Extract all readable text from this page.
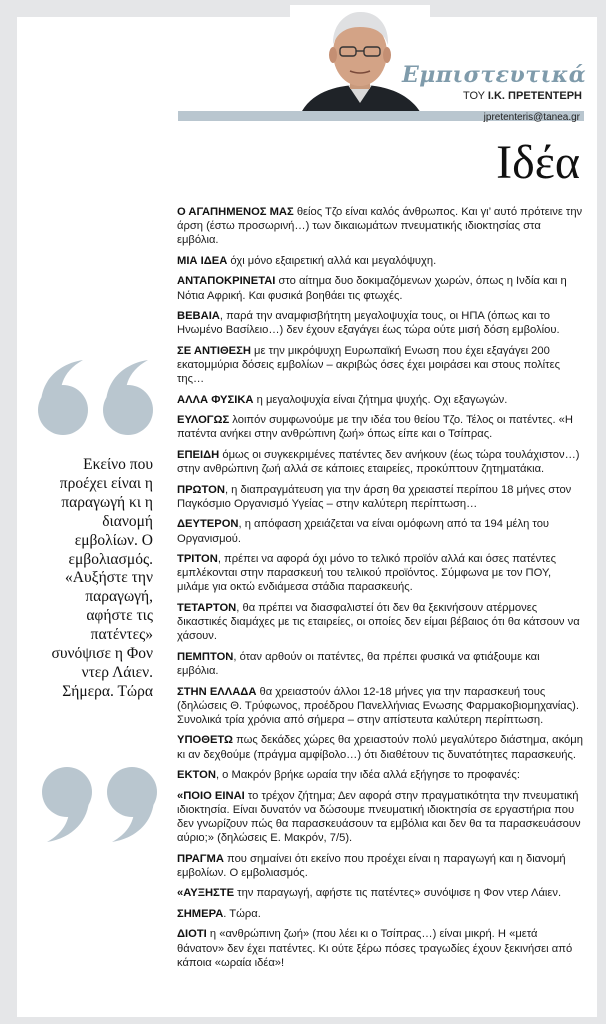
Εμπιστευτικά
ΤΟΥ Ι.Κ. ΠΡΕΤΕΝΤΕΡΗ
jpretenteris@tanea.gr
Ιδέα
Εκείνο που προέχει είναι η παραγωγή κι η διανομή εμβολίων. Ο εμβολιασμός. «Αυξήστε την παραγωγή, αφήστε τις πατέντες» συνόψισε η Φον ντερ Λάιεν. Σήμερα. Τώρα

Ο ΑΓΑΠΗΜΕΝΟΣ ΜΑΣ θείος Τζο είναι καλός άνθρωπος. Και γι’ αυτό πρότεινε την άρση (έστω προσωρινή…) των δικαιωμάτων πνευματικής ιδιοκτησίας στα εμβόλια.

ΜΙΑ ΙΔΕΑ όχι μόνο εξαιρετική αλλά και μεγαλόψυχη.

ΑΝΤΑΠΟΚΡΙΝΕΤΑΙ στο αίτημα δυο δοκιμαζόμενων χωρών, όπως η Ινδία και η Νότια Αφρική. Και φυσικά βοηθάει τις φτωχές.

ΒΕΒΑΙΑ, παρά την αναμφισβήτητη μεγαλοψυχία τους, οι ΗΠΑ (όπως και το Ηνωμένο Βασίλειο…) δεν έχουν εξαγάγει έως τώρα ούτε μισή δόση εμβολίου.

ΣΕ ΑΝΤΙΘΕΣΗ με την μικρόψυχη Ευρωπαϊκή Ενωση που έχει εξαγάγει 200 εκατομμύρια δόσεις εμβολίων – ακριβώς όσες έχει μοιράσει και στους πολίτες της…

ΑΛΛΑ ΦΥΣΙΚΑ η μεγαλοψυχία είναι ζήτημα ψυχής. Οχι εξαγωγών.

ΕΥΛΟΓΩΣ λοιπόν συμφωνούμε με την ιδέα του θείου Τζο. Τέλος οι πατέντες. «Η πατέντα ανήκει στην ανθρώπινη ζωή» όπως είπε και ο Τσίπρας.

ΕΠΕΙΔΗ όμως οι συγκεκριμένες πατέντες δεν ανήκουν (έως τώρα τουλάχιστον…) στην ανθρώπινη ζωή αλλά σε κάποιες εταιρείες, προκύπτουν ζητηματάκια.

ΠΡΩΤΟΝ, η διαπραγμάτευση για την άρση θα χρειαστεί περίπου 18 μήνες στον Παγκόσμιο Οργανισμό Υγείας – στην καλύτερη περίπτωση…

ΔΕΥΤΕΡΟΝ, η απόφαση χρειάζεται να είναι ομόφωνη από τα 194 μέλη του Οργανισμού.

ΤΡΙΤΟΝ, πρέπει να αφορά όχι μόνο το τελικό προϊόν αλλά και όσες πατέντες εμπλέκονται στην παρασκευή του τελικού προϊόντος. Σύμφωνα με τον ΠΟΥ, μιλάμε για οκτώ ενδιάμεσα στάδια παρασκευής.

ΤΕΤΑΡΤΟΝ, θα πρέπει να διασφαλιστεί ότι δεν θα ξεκινήσουν ατέρμονες δικαστικές διαμάχες με τις εταιρείες, οι οποίες δεν είμαι βέβαιος ότι θα κάτσουν να χάσουν.

ΠΕΜΠΤΟΝ, όταν αρθούν οι πατέντες, θα πρέπει φυσικά να φτιάξουμε και εμβόλια.

ΣΤΗΝ ΕΛΛΑΔΑ θα χρειαστούν άλλοι 12-18 μήνες για την παρασκευή τους (δηλώσεις Θ. Τρύφωνος, προέδρου Πανελλήνιας Ενωσης Φαρμακοβιομηχανίας). Συνολικά τρία χρόνια από σήμερα – στην απίστευτα καλύτερη περίπτωση.

ΥΠΟΘΕΤΩ πως δεκάδες χώρες θα χρειαστούν πολύ μεγαλύτερο διάστημα, ακόμη κι αν δεχθούμε (πράγμα αμφίβολο…) ότι διαθέτουν τις δυνατότητες παρασκευής.

ΕΚΤΟΝ, ο Μακρόν βρήκε ωραία την ιδέα αλλά εξήγησε το προφανές:

«ΠΟΙΟ ΕΙΝΑΙ το τρέχον ζήτημα; Δεν αφορά στην πραγματικότητα την πνευματική ιδιοκτησία. Είναι δυνατόν να δώσουμε πνευματική ιδιοκτησία σε εργαστήρια που δεν γνωρίζουν πώς θα παρασκευάσουν τα εμβόλια και δεν θα τα παρασκευάσουν αύριο;» (δηλώσεις Ε. Μακρόν, 7/5).

ΠΡΑΓΜΑ που σημαίνει ότι εκείνο που προέχει είναι η παραγωγή και η διανομή εμβολίων. Ο εμβολιασμός.

«ΑΥΞΗΣΤΕ την παραγωγή, αφήστε τις πατέντες» συνόψισε η Φον ντερ Λάιεν.

ΣΗΜΕΡΑ. Τώρα.

ΔΙΟΤΙ η «ανθρώπινη ζωή» (που λέει κι ο Τσίπρας…) είναι μικρή. Η «μετά θάνατον» δεν έχει πατέντες. Κι ούτε ξέρω πόσες τραγωδίες έχουν ξεκινήσει από κάποια «ωραία ιδέα»!
